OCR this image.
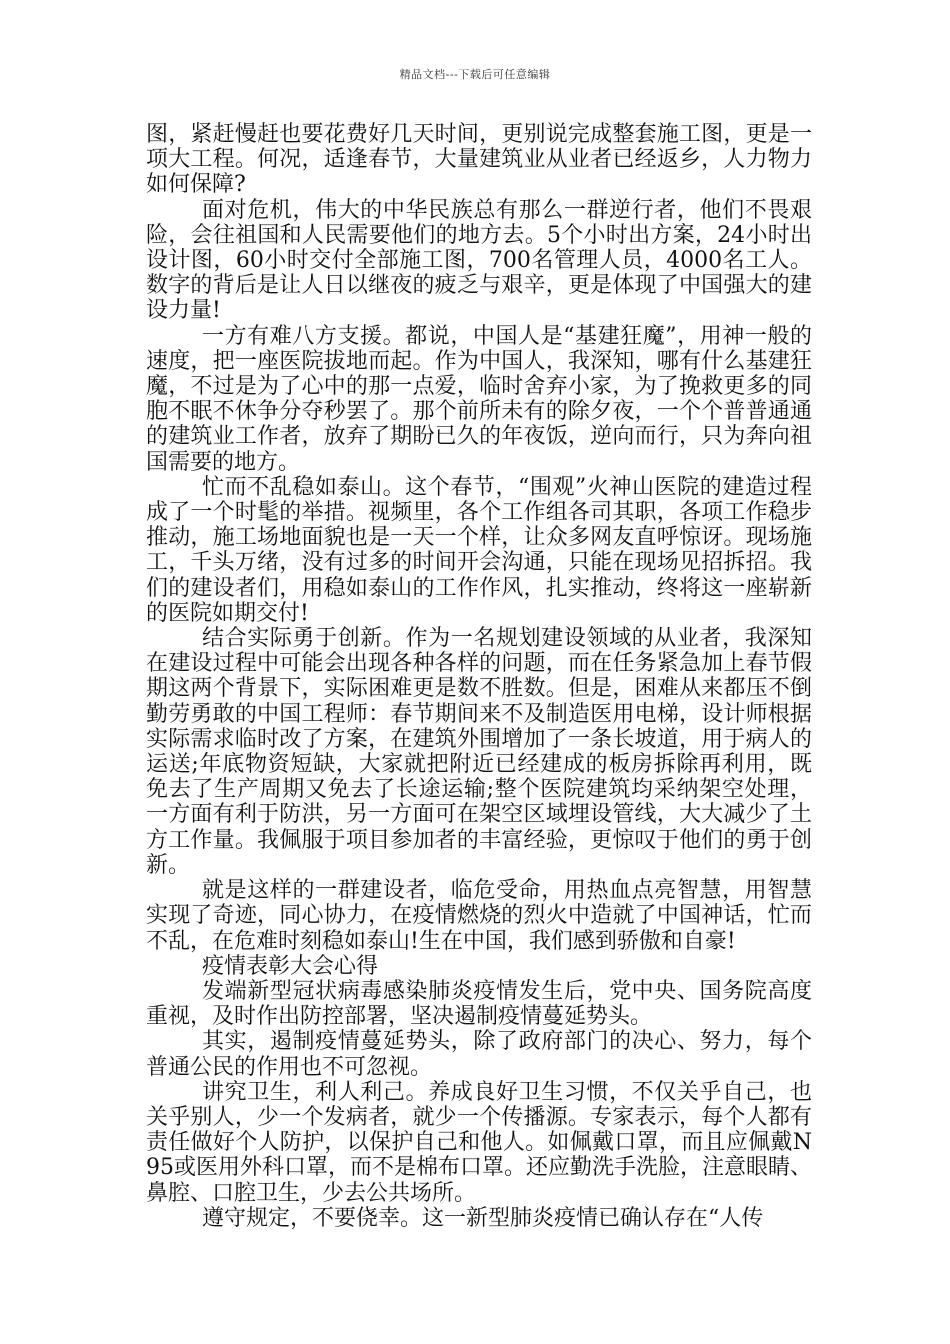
精品文档---下载后可任意编辑

图，紧赶慢赶也要花费好几天时间，更别说完成整套施工图，更是一项大工程。何况，适逢春节，大量建筑业从业者已经返乡，人力物力如何保障?

面对危机，伟大的中华民族总有那么一群逆行者，他们不畏艰险，会往祖国和人民需要他们的地方去。5个小时出方案，24小时出设计图，60小时交付全部施工图，700名管理人员，4000名工人。数字的背后是让人日以继夜的疲乏与艰辛，更是体现了中国强大的建设力量!

一方有难八方支援。都说，中国人是“基建狂魔”，用神一般的速度，把一座医院拔地而起。作为中国人，我深知，哪有什么基建狂魔，不过是为了心中的那一点爱，临时舍弃小家，为了挽救更多的同胞不眠不休争分夺秒罢了。那个前所未有的除夕夜，一个个普普通通的建筑业工作者，放弃了期盼已久的年夜饭，逆向而行，只为奔向祖国需要的地方。

忙而不乱稳如泰山。这个春节，“围观”火神山医院的建造过程成了一个时髦的举措。视频里，各个工作组各司其职，各项工作稳步推动，施工场地面貌也是一天一个样，让众多网友直呼惊讶。现场施工，千头万绪，没有过多的时间开会沟通，只能在现场见招拆招。我们的建设者们，用稳如泰山的工作作风，扎实推动，终将这一座崭新的医院如期交付!

结合实际勇于创新。作为一名规划建设领域的从业者，我深知在建设过程中可能会出现各种各样的问题，而在任务紧急加上春节假期这两个背景下，实际困难更是数不胜数。但是，困难从来都压不倒勤劳勇敢的中国工程师：春节期间来不及制造医用电梯，设计师根据实际需求临时改了方案，在建筑外围增加了一条长坡道，用于病人的运送;年底物资短缺，大家就把附近已经建成的板房拆除再利用，既免去了生产周期又免去了长途运输;整个医院建筑均采纳架空处理，一方面有利于防洪，另一方面可在架空区域埋设管线，大大减少了土方工作量。我佩服于项目参加者的丰富经验，更惊叹于他们的勇于创新。

就是这样的一群建设者，临危受命，用热血点亮智慧，用智慧实现了奇迹，同心协力，在疫情燃烧的烈火中造就了中国神话，忙而不乱，在危难时刻稳如泰山!生在中国，我们感到骄傲和自豪!

疫情表彰大会心得

发端新型冠状病毒感染肺炎疫情发生后，党中央、国务院高度重视，及时作出防控部署，坚决遏制疫情蔓延势头。

其实，遏制疫情蔓延势头，除了政府部门的决心、努力，每个普通公民的作用也不可忽视。

讲究卫生，利人利己。养成良好卫生习惯，不仅关乎自己，也关乎别人，少一个发病者，就少一个传播源。专家表示，每个人都有责任做好个人防护，以保护自己和他人。如佩戴口罩，而且应佩戴N95或医用外科口罩，而不是棉布口罩。还应勤洗手洗脸，注意眼睛、鼻腔、口腔卫生，少去公共场所。

遵守规定，不要侥幸。这一新型肺炎疫情已确认存在“人传
